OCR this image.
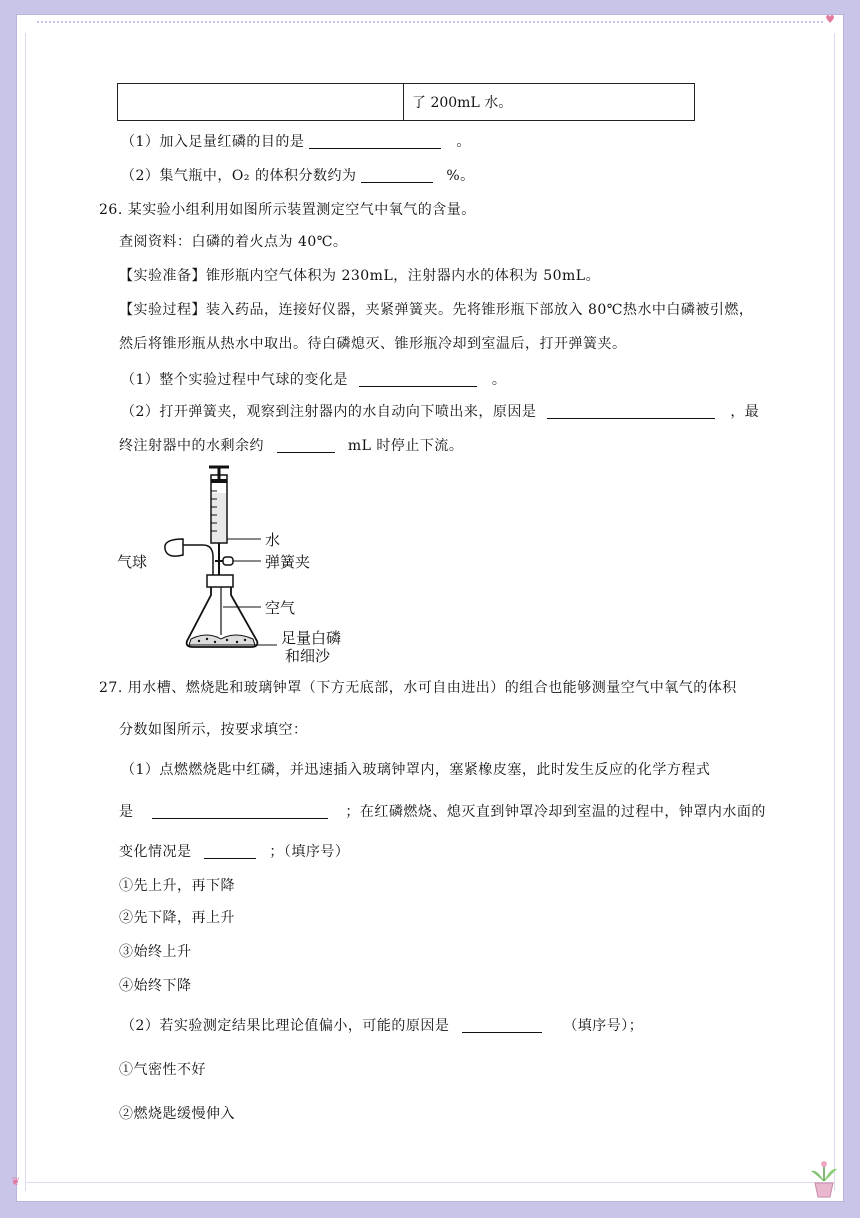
❦
♥
了 200mL 水。
（1）加入足量红磷的目的是	。
（2）集气瓶中，O₂ 的体积分数约为	%。
26. 某实验小组利用如图所示装置测定空气中氧气的含量。
查阅资料：白磷的着火点为 40℃。
【实验准备】锥形瓶内空气体积为 230mL，注射器内水的体积为 50mL。
【实验过程】装入药品，连接好仪器，夹紧弹簧夹。先将锥形瓶下部放入 80℃热水中白磷被引燃，
然后将锥形瓶从热水中取出。待白磷熄灭、锥形瓶冷却到室温后，打开弹簧夹。
（1）整个实验过程中气球的变化是	。
（2）打开弹簧夹，观察到注射器内的水自动向下喷出来，原因是	，最
终注射器中的水剩余约	mL 时停止下流。
水
气球	弹簧夹
空气
足量白磷
和细沙
27. 用水槽、燃烧匙和玻璃钟罩（下方无底部，水可自由进出）的组合也能够测量空气中氧气的体积
分数如图所示，按要求填空：
（1）点燃燃烧匙中红磷，并迅速插入玻璃钟罩内，塞紧橡皮塞，此时发生反应的化学方程式
是	；在红磷燃烧、熄灭直到钟罩冷却到室温的过程中，钟罩内水面的
变化情况是	；（填序号）
①先上升，再下降
②先下降，再上升
③始终上升
④始终下降
（2）若实验测定结果比理论值偏小，可能的原因是	（填序号）；
①气密性不好
②燃烧匙缓慢伸入
